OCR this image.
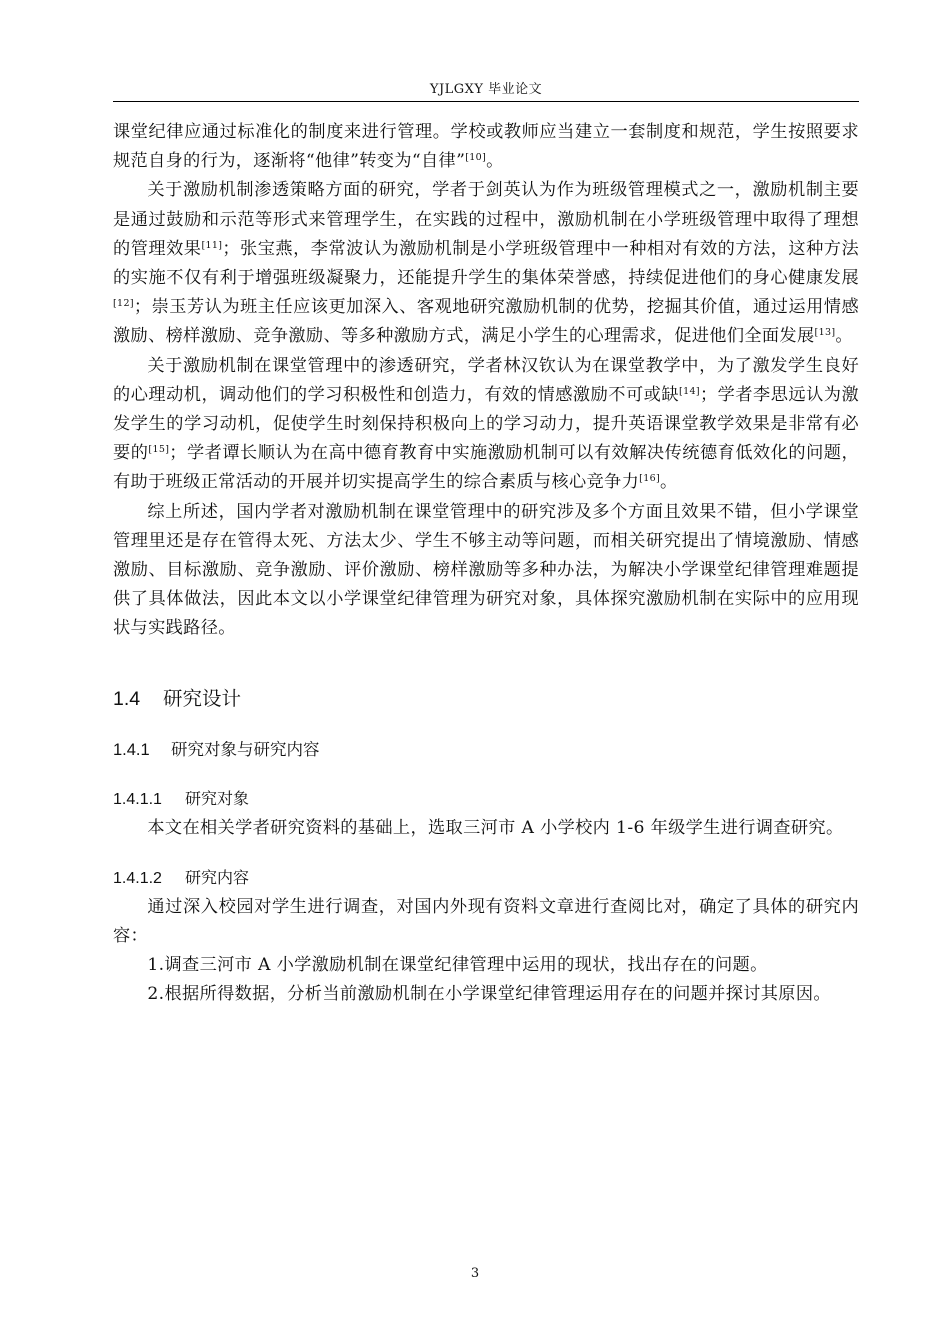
YJLGXY 毕业论文

课堂纪律应通过标准化的制度来进行管理。学校或教师应当建立一套制度和规范，学生按照要求规范自身的行为，逐渐将“他律”转变为“自律”[10]。

关于激励机制渗透策略方面的研究，学者于剑英认为作为班级管理模式之一，激励机制主要是通过鼓励和示范等形式来管理学生，在实践的过程中，激励机制在小学班级管理中取得了理想的管理效果[11]；张宝燕，李常波认为激励机制是小学班级管理中一种相对有效的方法，这种方法的实施不仅有利于增强班级凝聚力，还能提升学生的集体荣誉感，持续促进他们的身心健康发展[12]；崇玉芳认为班主任应该更加深入、客观地研究激励机制的优势，挖掘其价值，通过运用情感激励、榜样激励、竞争激励、等多种激励方式，满足小学生的心理需求，促进他们全面发展[13]。

关于激励机制在课堂管理中的渗透研究，学者林汉钦认为在课堂教学中，为了激发学生良好的心理动机，调动他们的学习积极性和创造力，有效的情感激励不可或缺[14]；学者李思远认为激发学生的学习动机，促使学生时刻保持积极向上的学习动力，提升英语课堂教学效果是非常有必要的[15]；学者谭长顺认为在高中德育教育中实施激励机制可以有效解决传统德育低效化的问题，有助于班级正常活动的开展并切实提高学生的综合素质与核心竞争力[16]。

综上所述，国内学者对激励机制在课堂管理中的研究涉及多个方面且效果不错，但小学课堂管理里还是存在管得太死、方法太少、学生不够主动等问题，而相关研究提出了情境激励、情感激励、目标激励、竞争激励、评价激励、榜样激励等多种办法，为解决小学课堂纪律管理难题提供了具体做法，因此本文以小学课堂纪律管理为研究对象，具体探究激励机制在实际中的应用现状与实践路径。

1.4 研究设计
1.4.1 研究对象与研究内容
1.4.1.1 研究对象

本文在相关学者研究资料的基础上，选取三河市 A 小学校内 1-6 年级学生进行调查研究。

1.4.1.2 研究内容

通过深入校园对学生进行调查，对国内外现有资料文章进行查阅比对，确定了具体的研究内容：

1.调查三河市 A 小学激励机制在课堂纪律管理中运用的现状，找出存在的问题。

2.根据所得数据，分析当前激励机制在小学课堂纪律管理运用存在的问题并探讨其原因。

3
